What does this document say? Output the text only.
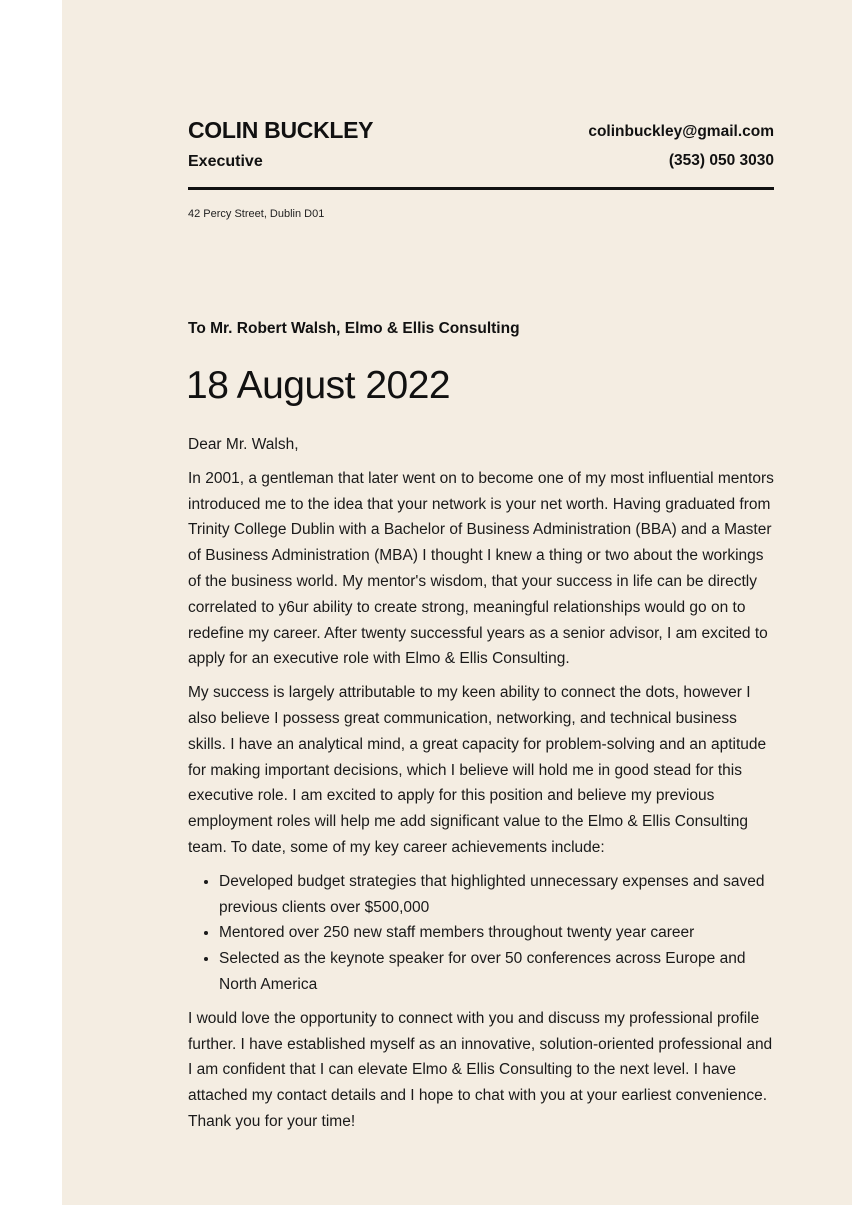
COLIN BUCKLEY
Executive
colinbuckley@gmail.com
(353) 050 3030
42 Percy Street, Dublin D01
To Mr. Robert Walsh, Elmo & Ellis Consulting
18 August 2022

Dear Mr. Walsh,

In 2001, a gentleman that later went on to become one of my most influential mentors introduced me to the idea that your network is your net worth. Having graduated from Trinity College Dublin with a Bachelor of Business Administration (BBA) and a Master of Business Administration (MBA) I thought I knew a thing or two about the workings of the business world. My mentor's wisdom, that your success in life can be directly correlated to y6ur ability to create strong, meaningful relationships would go on to redefine my career. After twenty successful years as a senior advisor, I am excited to apply for an executive role with Elmo & Ellis Consulting.

My success is largely attributable to my keen ability to connect the dots, however I also believe I possess great communication, networking, and technical business skills. I have an analytical mind, a great capacity for problem-solving and an aptitude for making important decisions, which I believe will hold me in good stead for this executive role. I am excited to apply for this position and believe my previous employment roles will help me add significant value to the Elmo & Ellis Consulting team. To date, some of my key career achievements include:

• Developed budget strategies that highlighted unnecessary expenses and saved previous clients over $500,000
• Mentored over 250 new staff members throughout twenty year career
• Selected as the keynote speaker for over 50 conferences across Europe and North America

I would love the opportunity to connect with you and discuss my professional profile further. I have established myself as an innovative, solution-oriented professional and I am confident that I can elevate Elmo & Ellis Consulting to the next level. I have attached my contact details and I hope to chat with you at your earliest convenience. Thank you for your time!
